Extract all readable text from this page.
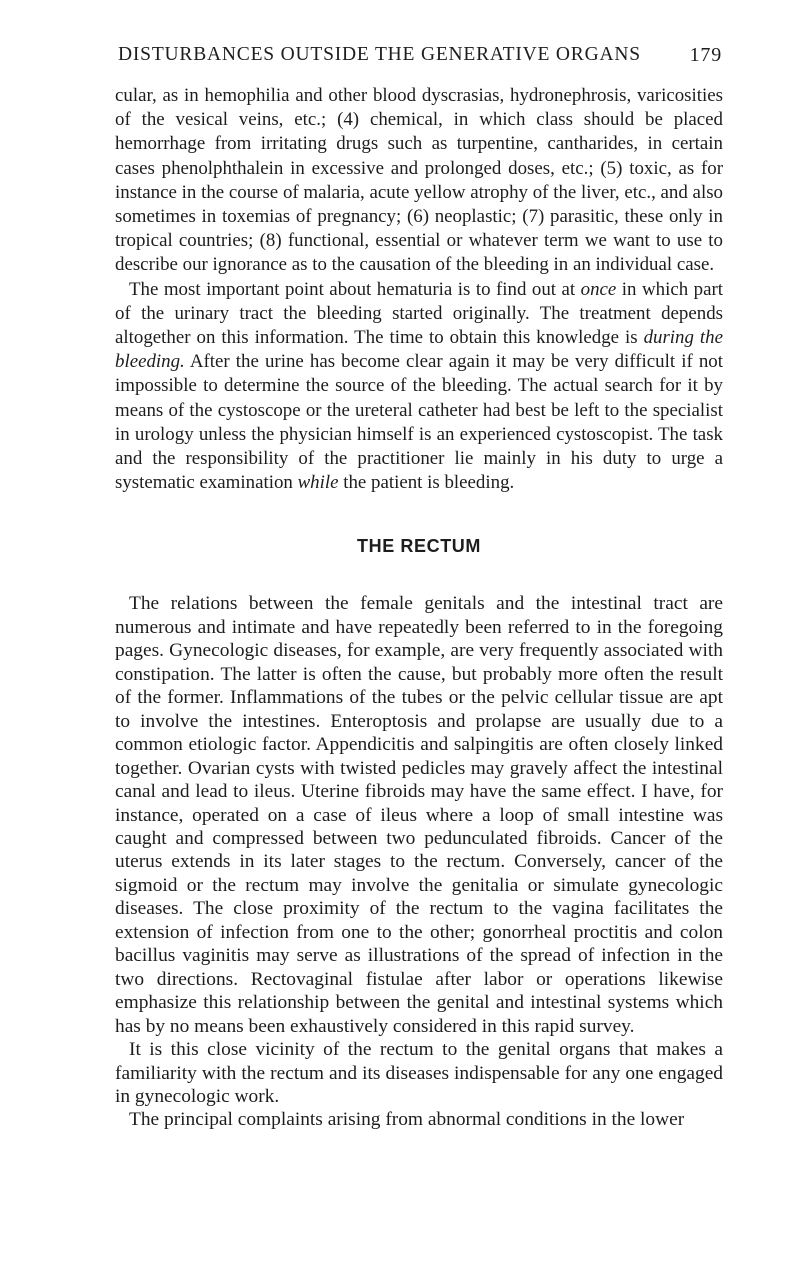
DISTURBANCES OUTSIDE THE GENERATIVE ORGANS 179

cular, as in hemophilia and other blood dyscrasias, hydronephrosis, varicosities of the vesical veins, etc.; (4) chemical, in which class should be placed hemorrhage from irritating drugs such as turpentine, cantharides, in certain cases phenolphthalein in excessive and prolonged doses, etc.; (5) toxic, as for instance in the course of malaria, acute yellow atrophy of the liver, etc., and also sometimes in toxemias of pregnancy; (6) neoplastic; (7) parasitic, these only in tropical countries; (8) functional, essential or whatever term we want to use to describe our ignorance as to the causation of the bleeding in an individual case.

The most important point about hematuria is to find out at once in which part of the urinary tract the bleeding started originally. The treatment depends altogether on this information. The time to obtain this knowledge is during the bleeding. After the urine has become clear again it may be very difficult if not impossible to determine the source of the bleeding. The actual search for it by means of the cystoscope or the ureteral catheter had best be left to the specialist in urology unless the physician himself is an experienced cystoscopist. The task and the responsibility of the practitioner lie mainly in his duty to urge a systematic examination while the patient is bleeding.

THE RECTUM

The relations between the female genitals and the intestinal tract are numerous and intimate and have repeatedly been referred to in the foregoing pages. Gynecologic diseases, for example, are very frequently associated with constipation. The latter is often the cause, but probably more often the result of the former. Inflammations of the tubes or the pelvic cellular tissue are apt to involve the intestines. Enteroptosis and prolapse are usually due to a common etiologic factor. Appendicitis and salpingitis are often closely linked together. Ovarian cysts with twisted pedicles may gravely affect the intestinal canal and lead to ileus. Uterine fibroids may have the same effect. I have, for instance, operated on a case of ileus where a loop of small intestine was caught and compressed between two pedunculated fibroids. Cancer of the uterus extends in its later stages to the rectum. Conversely, cancer of the sigmoid or the rectum may involve the genitalia or simulate gynecologic diseases. The close proximity of the rectum to the vagina facilitates the extension of infection from one to the other; gonorrheal proctitis and colon bacillus vaginitis may serve as illustrations of the spread of infection in the two directions. Rectovaginal fistulae after labor or operations likewise emphasize this relationship between the genital and intestinal systems which has by no means been exhaustively considered in this rapid survey.

It is this close vicinity of the rectum to the genital organs that makes a familiarity with the rectum and its diseases indispensable for any one engaged in gynecologic work.

The principal complaints arising from abnormal conditions in the lower
